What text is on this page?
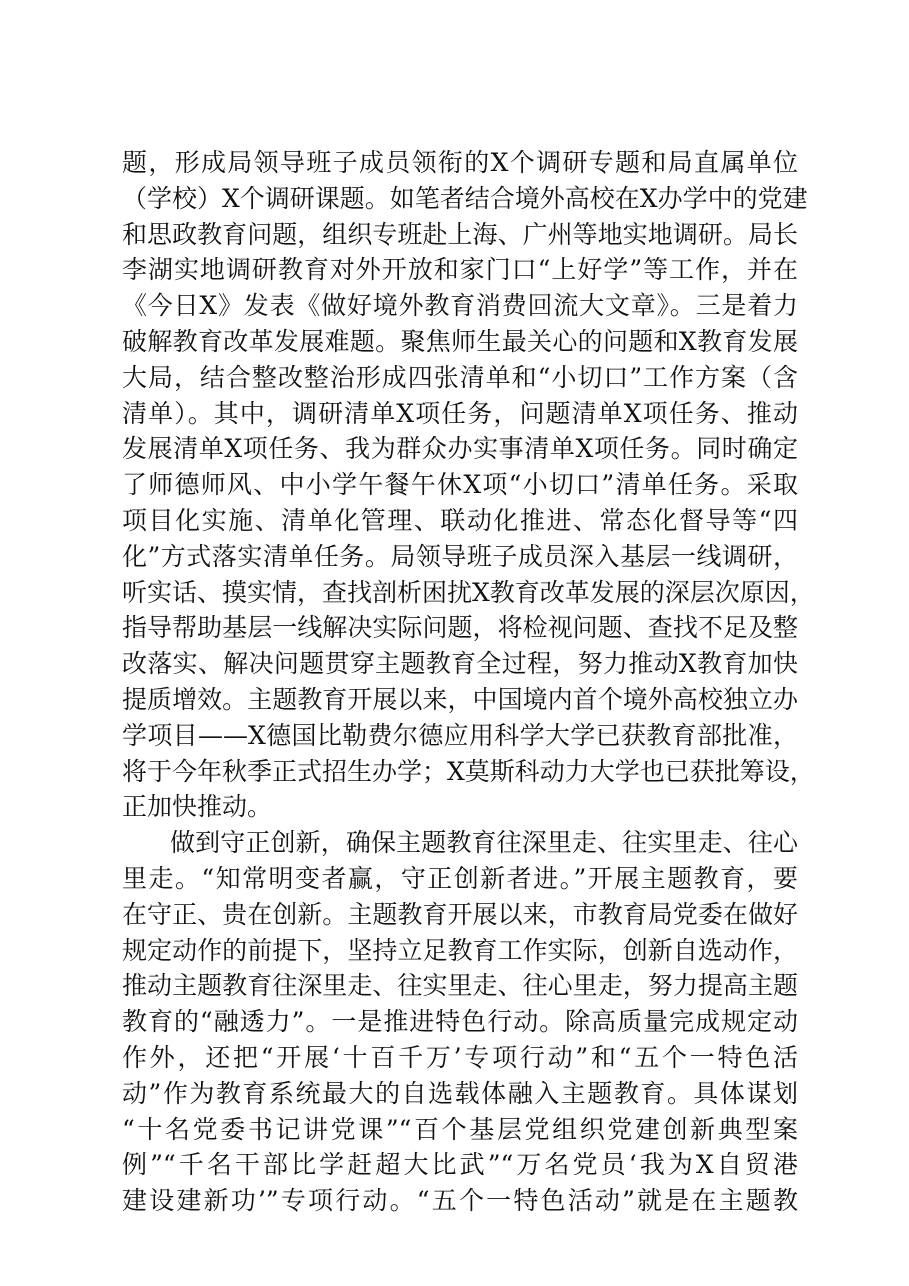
题，形成局领导班子成员领衔的X个调研专题和局直属单位
（学校）X个调研课题。如笔者结合境外高校在X办学中的党建
和思政教育问题，组织专班赴上海、广州等地实地调研。局长
李湖实地调研教育对外开放和家门口“上好学”等工作，并在
《今日X》发表《做好境外教育消费回流大文章》。三是着力
破解教育改革发展难题。聚焦师生最关心的问题和X教育发展
大局，结合整改整治形成四张清单和“小切口”工作方案（含
清单）。其中，调研清单X项任务，问题清单X项任务、推动
发展清单X项任务、我为群众办实事清单X项任务。同时确定
了师德师风、中小学午餐午休X项“小切口”清单任务。采取
项目化实施、清单化管理、联动化推进、常态化督导等“四
化”方式落实清单任务。局领导班子成员深入基层一线调研，
听实话、摸实情，查找剖析困扰X教育改革发展的深层次原因，
指导帮助基层一线解决实际问题，将检视问题、查找不足及整
改落实、解决问题贯穿主题教育全过程，努力推动X教育加快
提质增效。主题教育开展以来，中国境内首个境外高校独立办
学项目——X德国比勒费尔德应用科学大学已获教育部批准，
将于今年秋季正式招生办学；X莫斯科动力大学也已获批筹设，
正加快推动。
做到守正创新，确保主题教育往深里走、往实里走、往心
里走。“知常明变者赢，守正创新者进。”开展主题教育，要
在守正、贵在创新。主题教育开展以来，市教育局党委在做好
规定动作的前提下，坚持立足教育工作实际，创新自选动作，
推动主题教育往深里走、往实里走、往心里走，努力提高主题
教育的“融透力”。一是推进特色行动。除高质量完成规定动
作外，还把“开展‘十百千万’专项行动”和“五个一特色活
动”作为教育系统最大的自选载体融入主题教育。具体谋划
“十名党委书记讲党课”“百个基层党组织党建创新典型案
例”“千名干部比学赶超大比武”“万名党员‘我为X自贸港
建设建新功’”专项行动。“五个一特色活动”就是在主题教
